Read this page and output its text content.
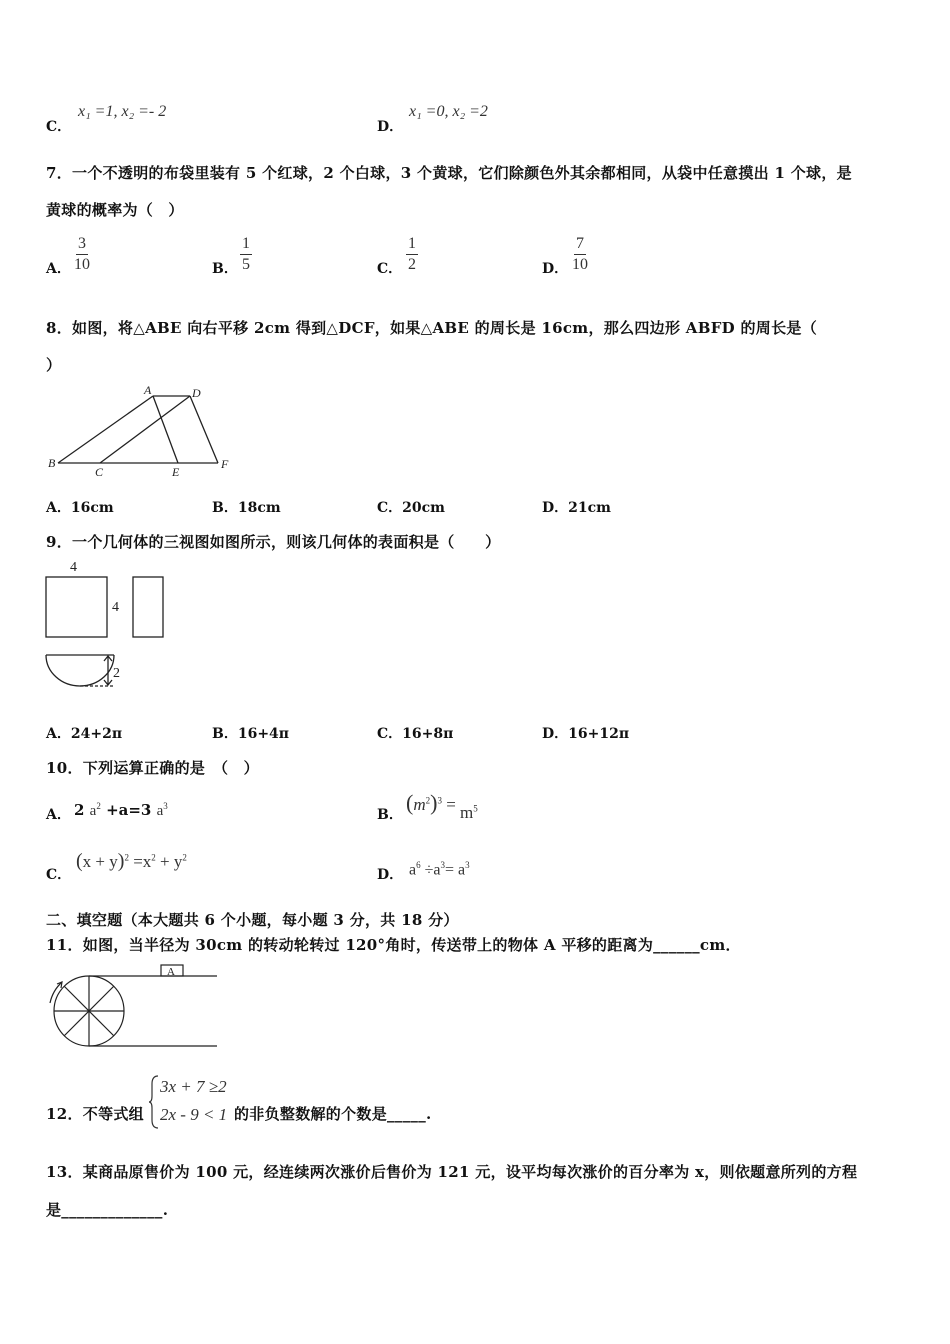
C．
x₁ =1, x₂ =- 2
D．
x₁ =0, x₂ =2
7．一个不透明的布袋里装有 5 个红球，2 个白球，3 个黄球，它们除颜色外其余都相同，从袋中任意摸出 1 个球，是
黄球的概率为（　）
A． $\frac{3}{10}$	B． $\frac{1}{5}$	C． $\frac{1}{2}$	D． $\frac{7}{10}$
8．如图，将△ABE 向右平移 2cm 得到△DCF，如果△ABE 的周长是 16cm，那么四边形 ABFD 的周长是（
）
A	D
B
C	E
F
A．16cm	B．18cm	C．20cm	D．21cm
9．一个几何体的三视图如图所示，则该几何体的表面积是（　　）
4
4
2
A．24+2π	B．16+4π	C．16+8π	D．16+12π
10．下列运算正确的是　（　）
A． 2 $a^2 +a=3$ $a^3$
B． $(m^2)^3 = m^5$
C．
$(x + y)^2 =x^2 + y^2$
D． $a^6 \div a^3= a^3$
二、填空题（本大题共 6 个小题，每小题 3 分，共 18 分）
11．如图，当半径为 30cm 的转动轮转过 120°角时，传送带上的物体 A 平移的距离为______cm．
A
12．不等式组
3x + 7 ≥2
2x - 9 < 1 的非负整数解的个数是_____.
13．某商品原售价为 100 元，经连续两次涨价后售价为 121 元，设平均每次涨价的百分率为 x，则依题意所列的方程
是_____________.
